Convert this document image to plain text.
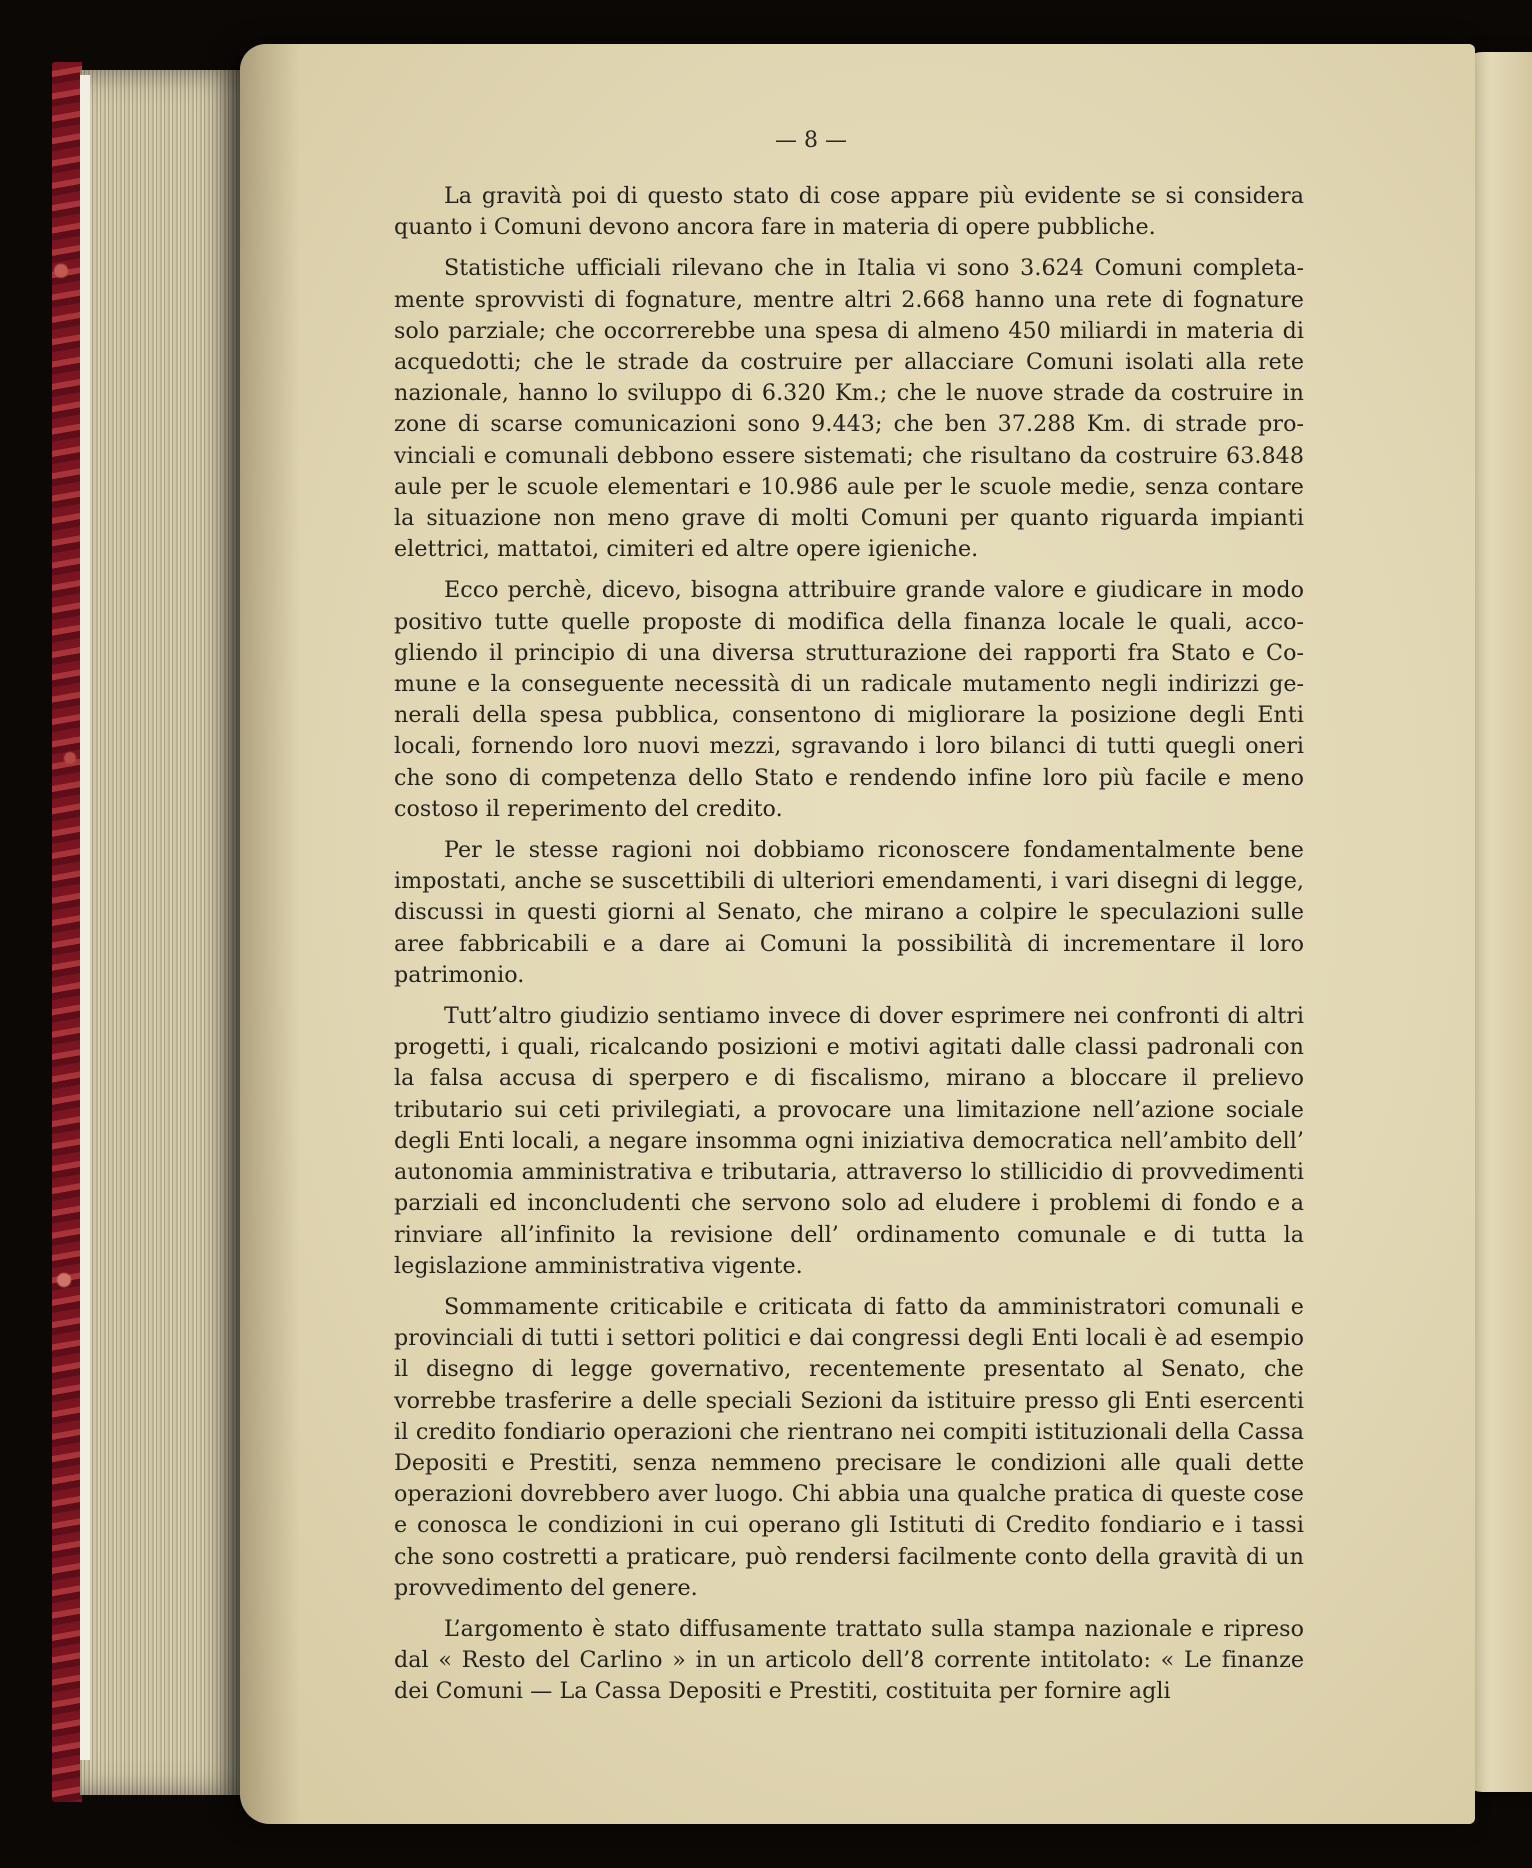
— 8 —

La gravità poi di questo stato di cose appare più evidente se si considera quanto i Comuni devono ancora fare in materia di opere pubbliche.

Statistiche ufficiali rilevano che in Italia vi sono 3.624 Comuni completamente sprovvisti di fognature, mentre altri 2.668 hanno una rete di fognature solo parziale; che occorrerebbe una spesa di almeno 450 miliardi in materia di acquedotti; che le strade da costruire per allacciare Comuni isolati alla rete nazionale, hanno lo sviluppo di 6.320 Km.; che le nuove strade da costruire in zone di scarse comunicazioni sono 9.443; che ben 37.288 Km. di strade provinciali e comunali debbono essere sistemati; che risultano da costruire 63.848 aule per le scuole elementari e 10.986 aule per le scuole medie, senza contare la situazione non meno grave di molti Comuni per quanto riguarda impianti elettrici, mattatoi, cimiteri ed altre opere igieniche.

Ecco perchè, dicevo, bisogna attribuire grande valore e giudicare in modo positivo tutte quelle proposte di modifica della finanza locale le quali, accogliendo il principio di una diversa strutturazione dei rapporti fra Stato e Comune e la conseguente necessità di un radicale mutamento negli indirizzi generali della spesa pubblica, consentono di migliorare la posizione degli Enti locali, fornendo loro nuovi mezzi, sgravando i loro bilanci di tutti quegli oneri che sono di competenza dello Stato e rendendo infine loro più facile e meno costoso il reperimento del credito.

Per le stesse ragioni noi dobbiamo riconoscere fondamentalmente bene impostati, anche se suscettibili di ulteriori emendamenti, i vari disegni di legge, discussi in questi giorni al Senato, che mirano a colpire le speculazioni sulle aree fabbricabili e a dare ai Comuni la possibilità di incrementare il loro patrimonio.

Tutt’altro giudizio sentiamo invece di dover esprimere nei confronti di altri progetti, i quali, ricalcando posizioni e motivi agitati dalle classi padronali con la falsa accusa di sperpero e di fiscalismo, mirano a bloccare il prelievo tributario sui ceti privilegiati, a provocare una limitazione nell’azione sociale degli Enti locali, a negare insomma ogni iniziativa democratica nell’ambito dell’ autonomia amministrativa e tributaria, attraverso lo stillicidio di provvedimenti parziali ed inconcludenti che servono solo ad eludere i problemi di fondo e a rinviare all’infinito la revisione dell’ ordinamento comunale e di tutta la legislazione amministrativa vigente.

Sommamente criticabile e criticata di fatto da amministratori comunali e provinciali di tutti i settori politici e dai congressi degli Enti locali è ad esempio il disegno di legge governativo, recentemente presentato al Senato, che vorrebbe trasferire a delle speciali Sezioni da istituire presso gli Enti esercenti il credito fondiario operazioni che rientrano nei compiti istituzionali della Cassa Depositi e Prestiti, senza nemmeno precisare le condizioni alle quali dette operazioni dovrebbero aver luogo. Chi abbia una qualche pratica di queste cose e conosca le condizioni in cui operano gli Istituti di Credito fondiario e i tassi che sono costretti a praticare, può rendersi facilmente conto della gravità di un provvedimento del genere.

L’argomento è stato diffusamente trattato sulla stampa nazionale e ripreso dal « Resto del Carlino » in un articolo dell’8 corrente intitolato: « Le finanze dei Comuni — La Cassa Depositi e Prestiti, costituita per fornire agli
